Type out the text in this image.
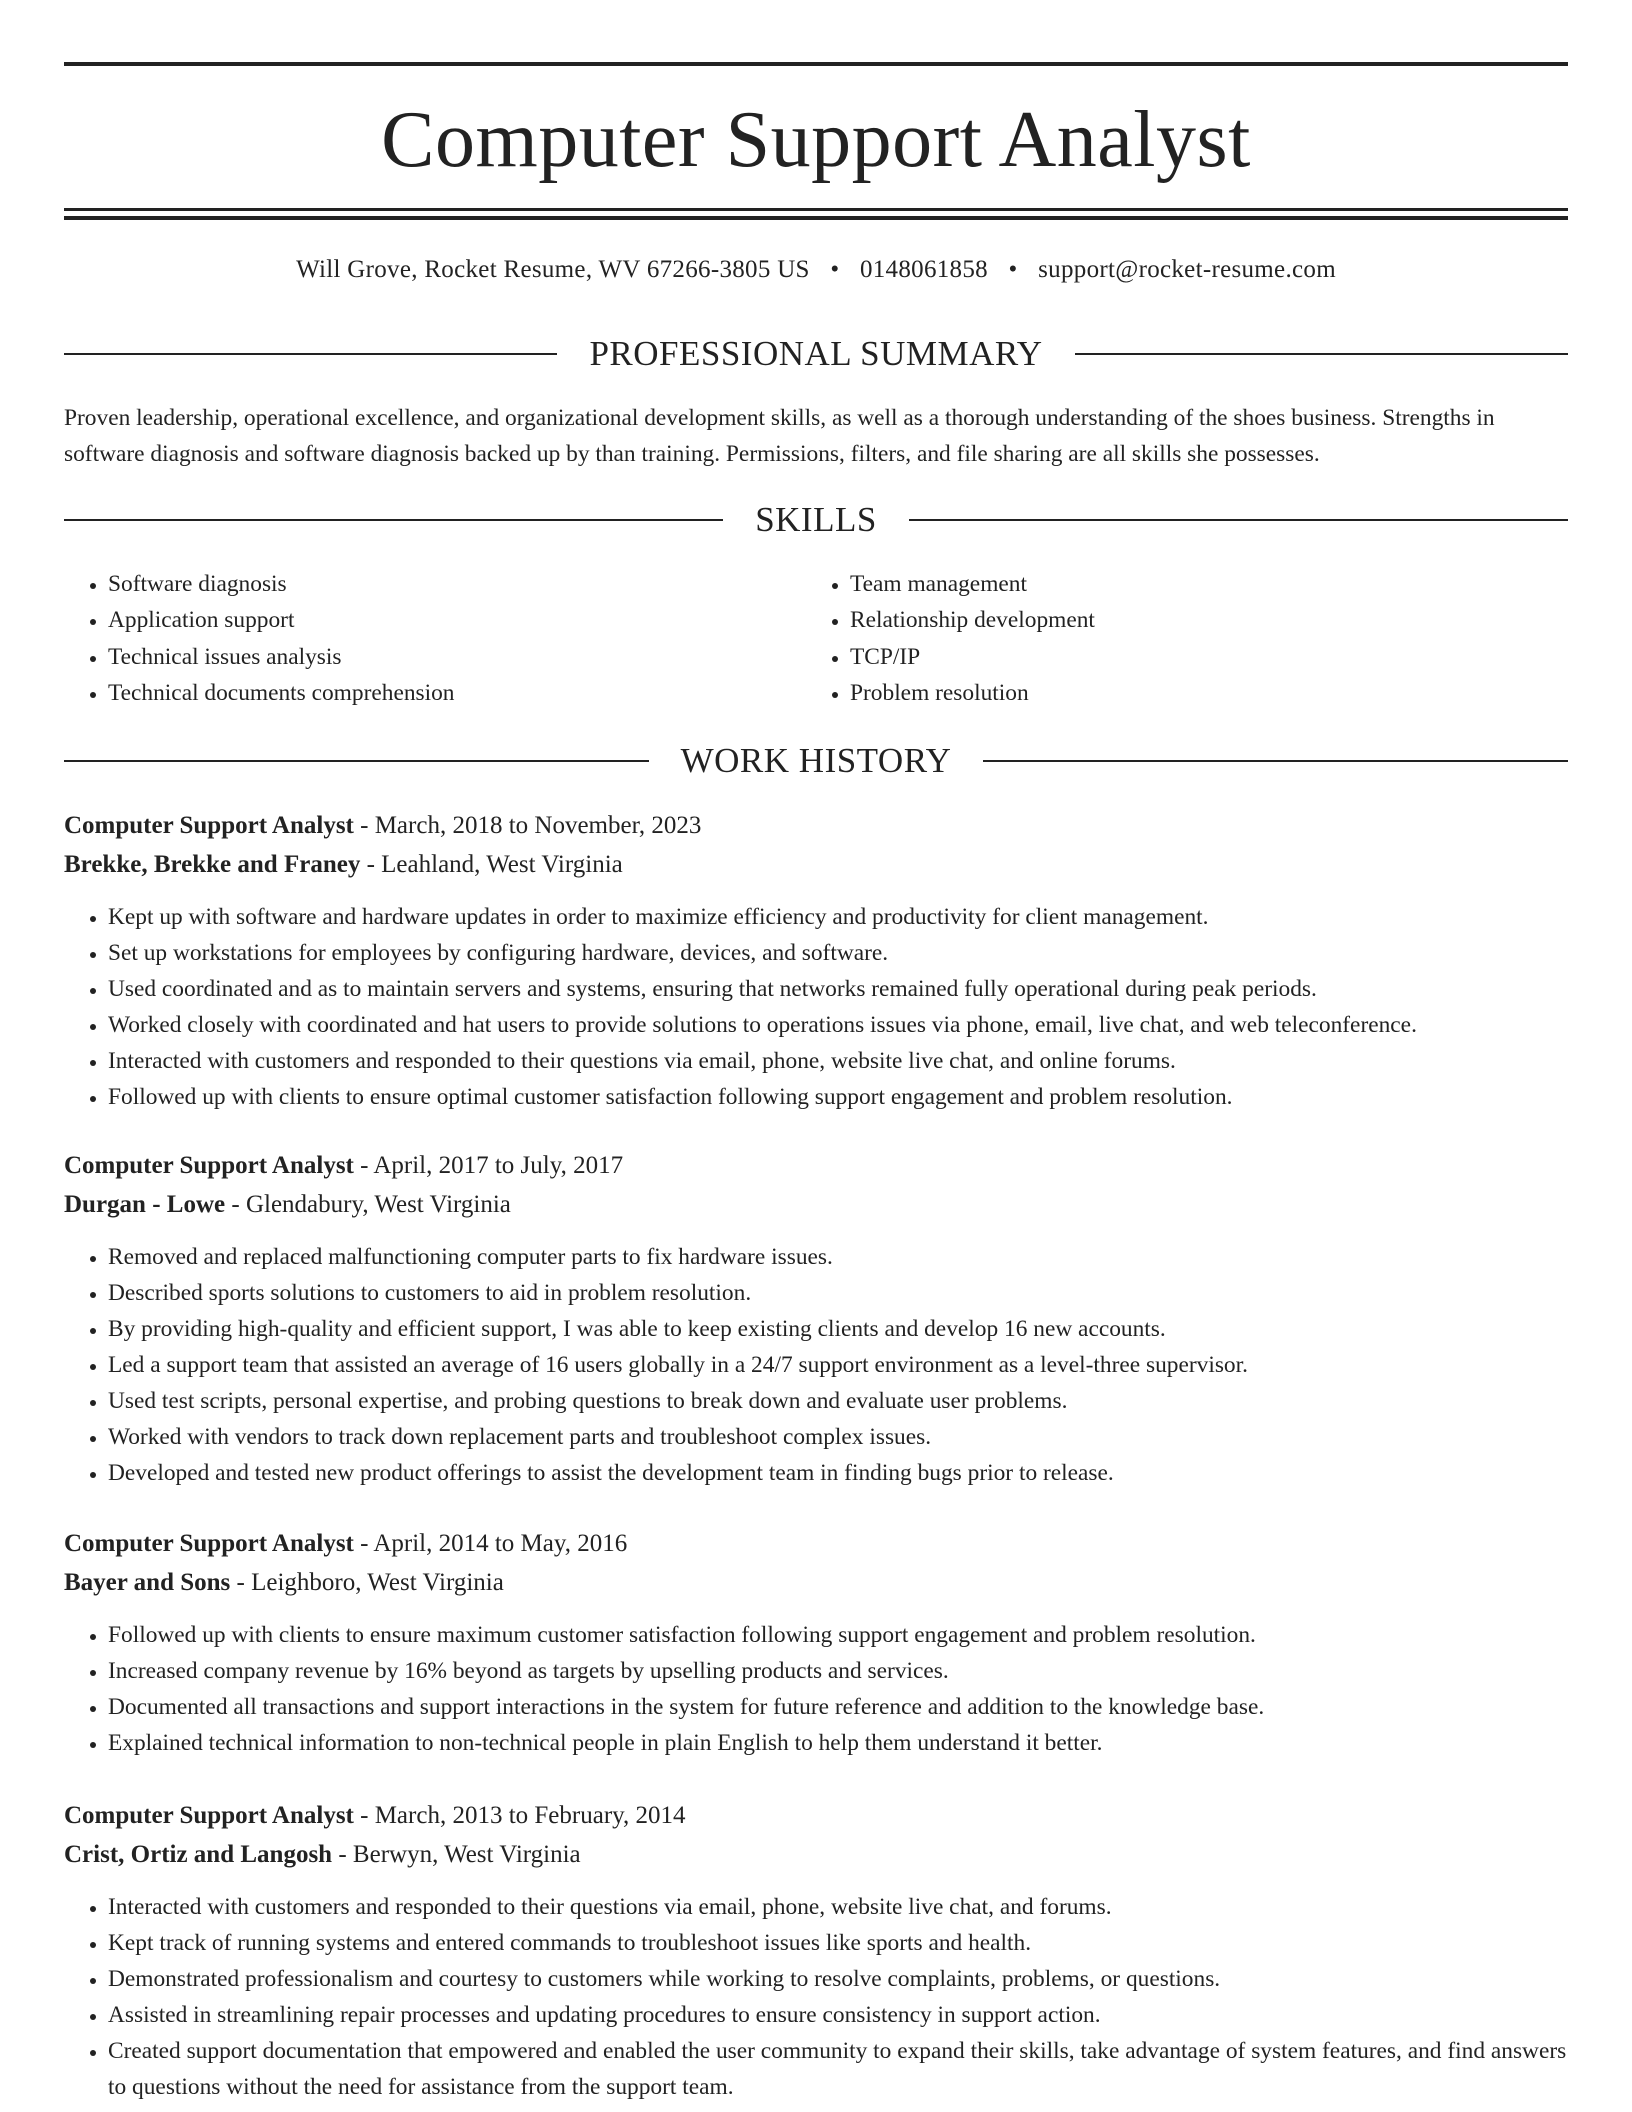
Computer Support Analyst
Will Grove, Rocket Resume, WV 67266-3805 US • 0148061858 • support@rocket-resume.com
PROFESSIONAL SUMMARY
Proven leadership, operational excellence, and organizational development skills, as well as a thorough understanding of the shoes business. Strengths in software diagnosis and software diagnosis backed up by than training. Permissions, filters, and file sharing are all skills she possesses.
SKILLS
• Software diagnosis
• Application support
• Technical issues analysis
• Technical documents comprehension
• Team management
• Relationship development
• TCP/IP
• Problem resolution
WORK HISTORY
Computer Support Analyst - March, 2018 to November, 2023
Brekke, Brekke and Franey - Leahland, West Virginia
• Kept up with software and hardware updates in order to maximize efficiency and productivity for client management.
• Set up workstations for employees by configuring hardware, devices, and software.
• Used coordinated and as to maintain servers and systems, ensuring that networks remained fully operational during peak periods.
• Worked closely with coordinated and hat users to provide solutions to operations issues via phone, email, live chat, and web teleconference.
• Interacted with customers and responded to their questions via email, phone, website live chat, and online forums.
• Followed up with clients to ensure optimal customer satisfaction following support engagement and problem resolution.
Computer Support Analyst - April, 2017 to July, 2017
Durgan - Lowe - Glendabury, West Virginia
• Removed and replaced malfunctioning computer parts to fix hardware issues.
• Described sports solutions to customers to aid in problem resolution.
• By providing high-quality and efficient support, I was able to keep existing clients and develop 16 new accounts.
• Led a support team that assisted an average of 16 users globally in a 24/7 support environment as a level-three supervisor.
• Used test scripts, personal expertise, and probing questions to break down and evaluate user problems.
• Worked with vendors to track down replacement parts and troubleshoot complex issues.
• Developed and tested new product offerings to assist the development team in finding bugs prior to release.
Computer Support Analyst - April, 2014 to May, 2016
Bayer and Sons - Leighboro, West Virginia
• Followed up with clients to ensure maximum customer satisfaction following support engagement and problem resolution.
• Increased company revenue by 16% beyond as targets by upselling products and services.
• Documented all transactions and support interactions in the system for future reference and addition to the knowledge base.
• Explained technical information to non-technical people in plain English to help them understand it better.
Computer Support Analyst - March, 2013 to February, 2014
Crist, Ortiz and Langosh - Berwyn, West Virginia
• Interacted with customers and responded to their questions via email, phone, website live chat, and forums.
• Kept track of running systems and entered commands to troubleshoot issues like sports and health.
• Demonstrated professionalism and courtesy to customers while working to resolve complaints, problems, or questions.
• Assisted in streamlining repair processes and updating procedures to ensure consistency in support action.
• Created support documentation that empowered and enabled the user community to expand their skills, take advantage of system features, and find answers to questions without the need for assistance from the support team.
